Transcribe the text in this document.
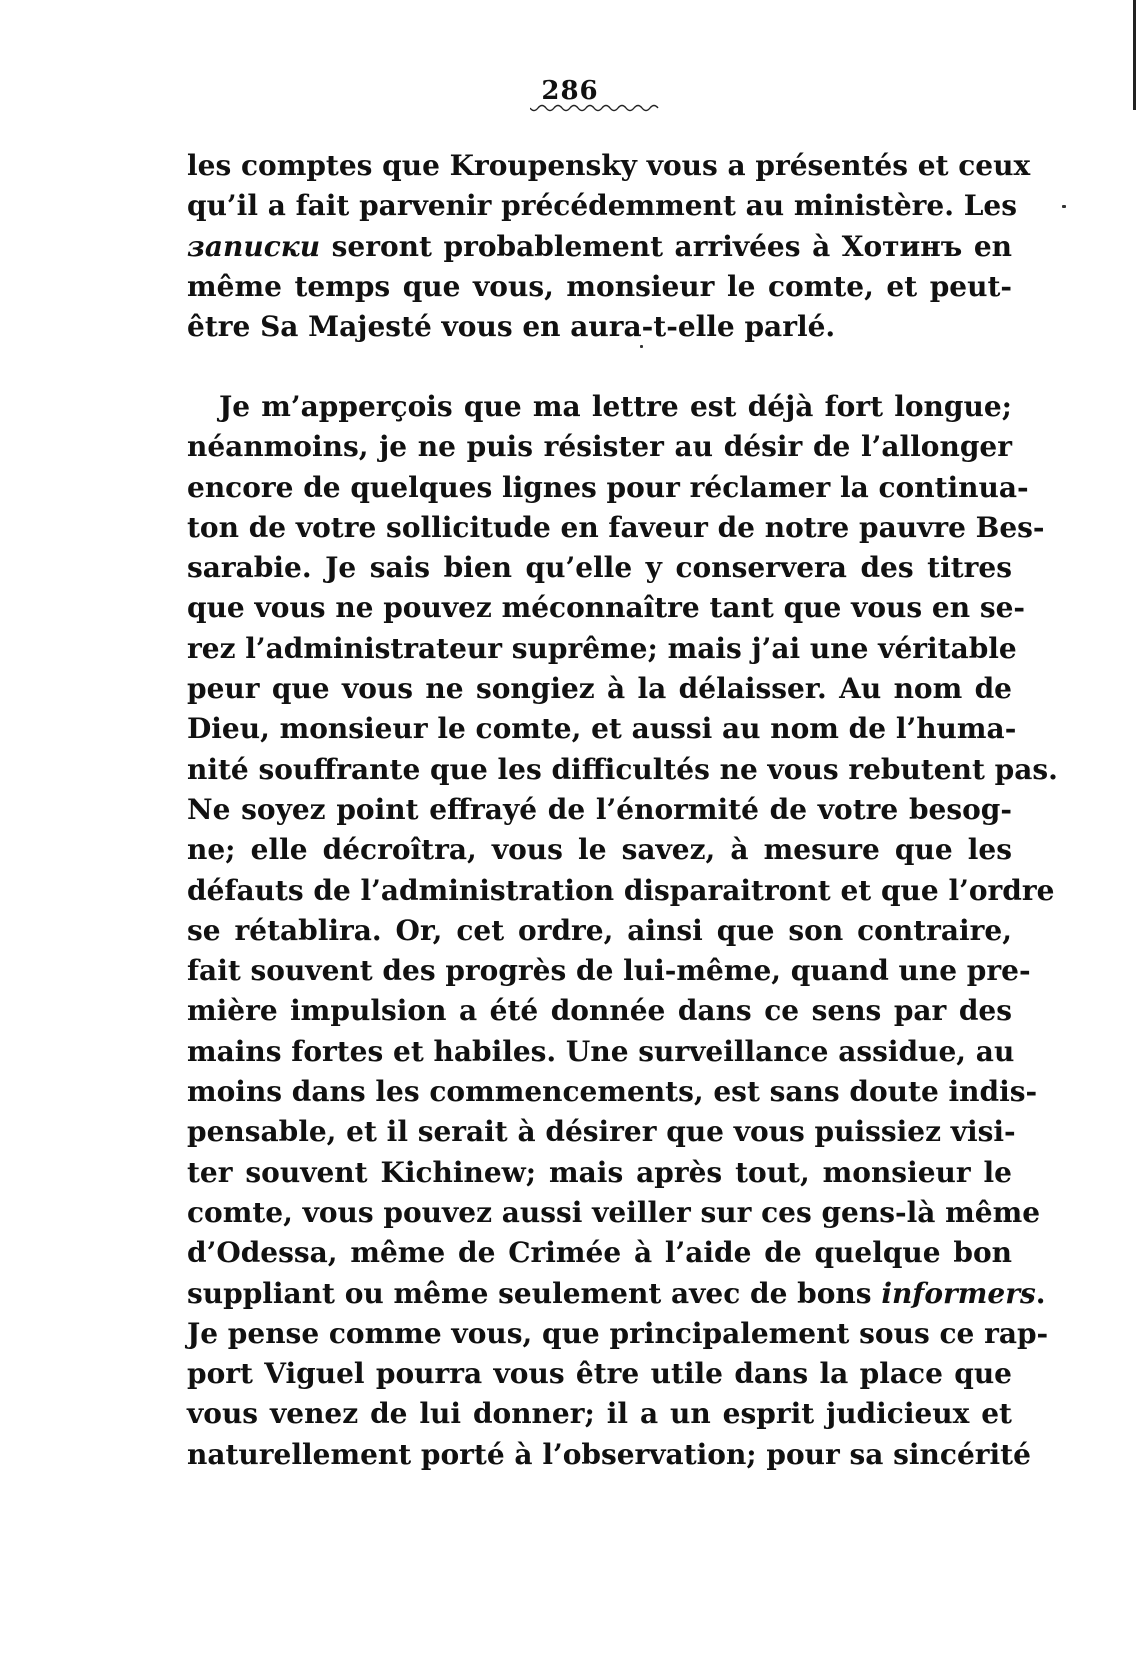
286
les comptes que Kroupensky vous a présentés et ceux
qu’il a fait parvenir précédemment au ministère. Les
записки seront probablement arrivées à Хотинъ en
même temps que vous, monsieur le comte, et peut-
être Sa Majesté vous en aura-t-elle parlé.
Je m’apperçois que ma lettre est déjà fort longue;
néanmoins, je ne puis résister au désir de l’allonger
encore de quelques lignes pour réclamer la continua-
ton de votre sollicitude en faveur de notre pauvre Bes-
sarabie. Je sais bien qu’elle y conservera des titres
que vous ne pouvez méconnaître tant que vous en se-
rez l’administrateur suprême; mais j’ai une véritable
peur que vous ne songiez à la délaisser. Au nom de
Dieu, monsieur le comte, et aussi au nom de l’huma-
nité souffrante que les difficultés ne vous rebutent pas.
Ne soyez point effrayé de l’énormité de votre besog-
ne; elle décroîtra, vous le savez, à mesure que les
défauts de l’administration disparaitront et que l’ordre
se rétablira. Or, cet ordre, ainsi que son contraire,
fait souvent des progrès de lui-même, quand une pre-
mière impulsion a été donnée dans ce sens par des
mains fortes et habiles. Une surveillance assidue, au
moins dans les commencements, est sans doute indis-
pensable, et il serait à désirer que vous puissiez visi-
ter souvent Kichinew; mais après tout, monsieur le
comte, vous pouvez aussi veiller sur ces gens-là même
d’Odessa, même de Crimée à l’aide de quelque bon
suppliant ou même seulement avec de bons informers.
Je pense comme vous, que principalement sous ce rap-
port Viguel pourra vous être utile dans la place que
vous venez de lui donner; il a un esprit judicieux et
naturellement porté à l’observation; pour sa sincérité
